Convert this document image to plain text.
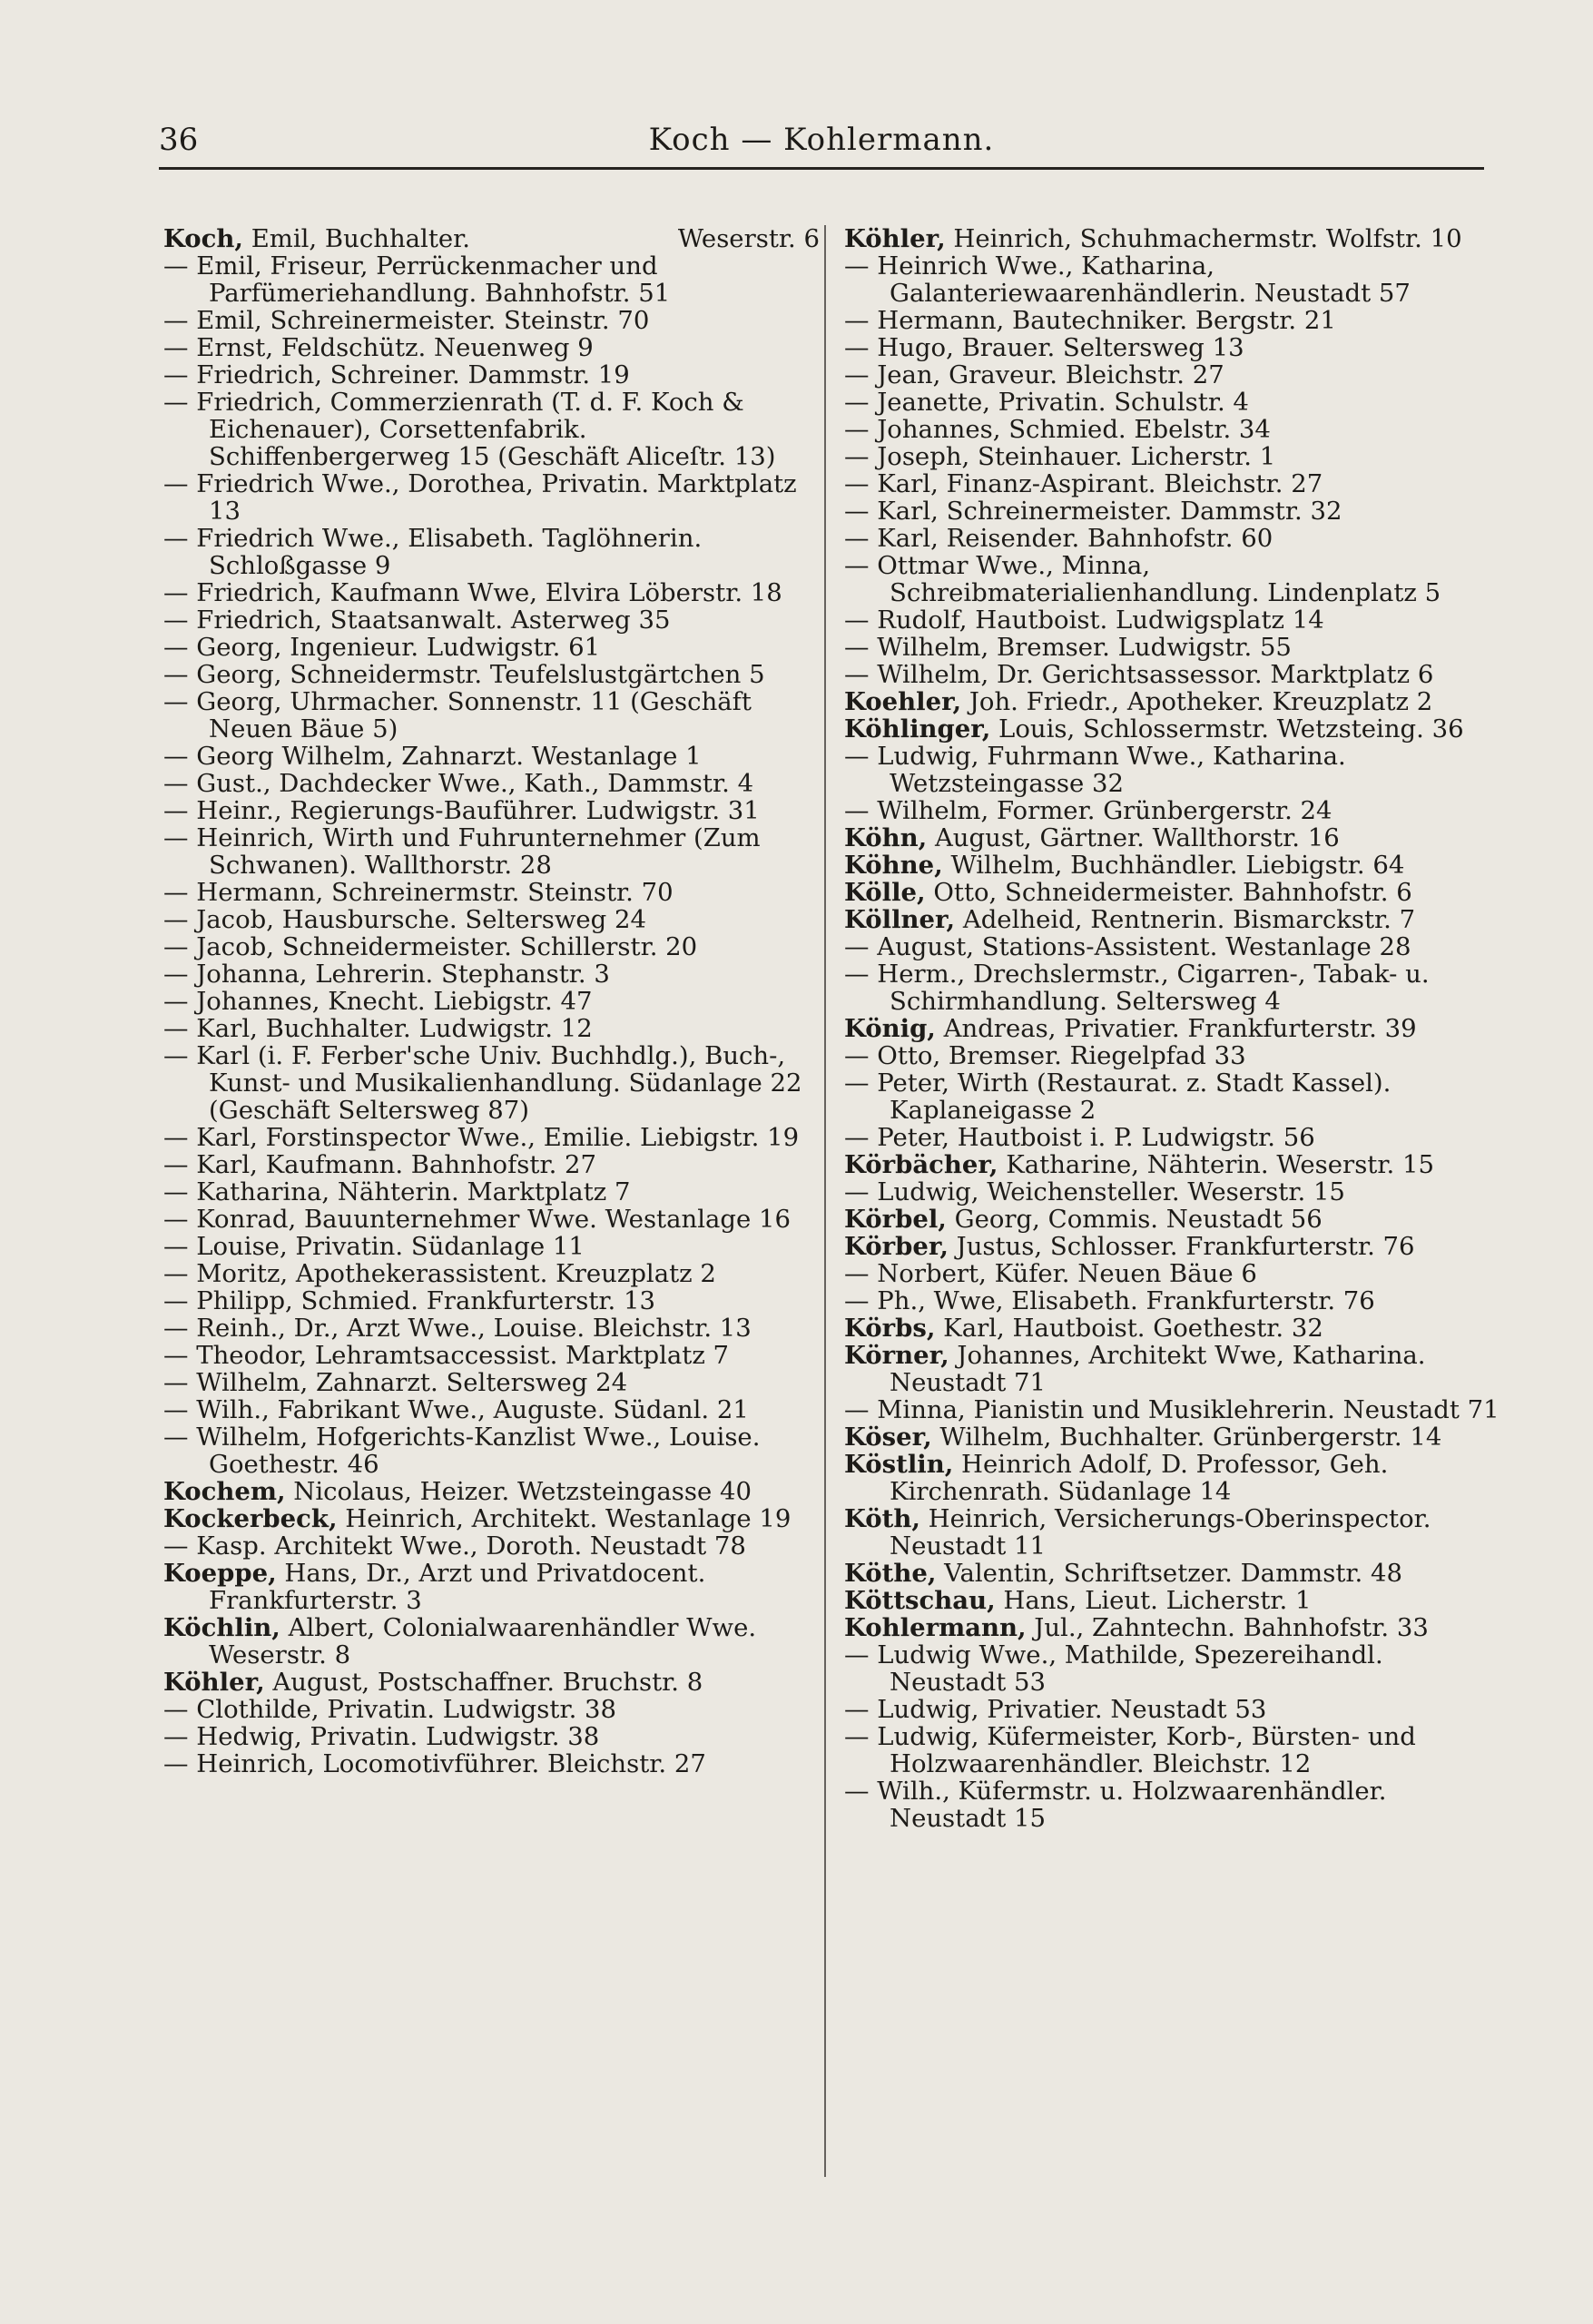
36	Koch — Kohlermann.

Weserstr. 6
Koch, Emil, Buchhalter.

— Emil, Friseur, Perrückenmacher und Parfümeriehandlung. Bahnhofstr. 51

— Emil, Schreinermeister. Steinstr. 70

— Ernst, Feldschütz. Neuenweg 9

— Friedrich, Schreiner. Dammstr. 19

— Friedrich, Commerzienrath (T. d. F. Koch & Eichenauer), Corsettenfabrik. Schiffenbergerweg 15 (Geschäft Aliceſtr. 13)

— Friedrich Wwe., Dorothea, Privatin. Marktplatz 13

— Friedrich Wwe., Elisabeth. Taglöhnerin. Schloßgasse 9

— Friedrich, Kaufmann Wwe, Elvira Löberstr. 18

— Friedrich, Staatsanwalt. Asterweg 35

— Georg, Ingenieur. Ludwigstr. 61

— Georg, Schneidermstr. Teufelslustgärtchen 5

— Georg, Uhrmacher. Sonnenstr. 11 (Geschäft Neuen Bäue 5)

— Georg Wilhelm, Zahnarzt. Westanlage 1

— Gust., Dachdecker Wwe., Kath., Dammstr. 4

— Heinr., Regierungs-Bauführer. Ludwigstr. 31

— Heinrich, Wirth und Fuhrunternehmer (Zum Schwanen). Wallthorstr. 28

— Hermann, Schreinermstr. Steinstr. 70

— Jacob, Hausbursche. Seltersweg 24

— Jacob, Schneidermeister. Schillerstr. 20

— Johanna, Lehrerin. Stephanstr. 3

— Johannes, Knecht. Liebigstr. 47

— Karl, Buchhalter. Ludwigstr. 12

— Karl (i. F. Ferber'sche Univ. Buchhdlg.), Buch-, Kunst- und Musikalienhandlung. Südanlage 22 (Geschäft Seltersweg 87)

— Karl, Forstinspector Wwe., Emilie. Liebigstr. 19

— Karl, Kaufmann. Bahnhofstr. 27

— Katharina, Nähterin. Marktplatz 7

— Konrad, Bauunternehmer Wwe. Westanlage 16

— Louise, Privatin. Südanlage 11

— Moritz, Apothekerassistent. Kreuzplatz 2

— Philipp, Schmied. Frankfurterstr. 13

— Reinh., Dr., Arzt Wwe., Louise. Bleichstr. 13

— Theodor, Lehramtsaccessist. Marktplatz 7

— Wilhelm, Zahnarzt. Seltersweg 24

— Wilh., Fabrikant Wwe., Auguste. Südanl. 21

— Wilhelm, Hofgerichts-Kanzlist Wwe., Louise. Goethestr. 46

Kochem, Nicolaus, Heizer. Wetzsteingasse 40

Kockerbeck, Heinrich, Architekt. Westanlage 19

— Kasp. Architekt Wwe., Doroth. Neustadt 78

Koeppe, Hans, Dr., Arzt und Privatdocent. Frankfurterstr. 3

Köchlin, Albert, Colonialwaarenhändler Wwe. Weserstr. 8

Köhler, August, Postschaffner. Bruchstr. 8

— Clothilde, Privatin. Ludwigstr. 38

— Hedwig, Privatin. Ludwigstr. 38

— Heinrich, Locomotivführer. Bleichstr. 27

Köhler, Heinrich, Schuhmachermstr. Wolfstr. 10

— Heinrich Wwe., Katharina, Galanteriewaarenhändlerin. Neustadt 57

— Hermann, Bautechniker. Bergstr. 21

— Hugo, Brauer. Seltersweg 13

— Jean, Graveur. Bleichstr. 27

— Jeanette, Privatin. Schulstr. 4

— Johannes, Schmied. Ebelstr. 34

— Joseph, Steinhauer. Licherstr. 1

— Karl, Finanz-Aspirant. Bleichstr. 27

— Karl, Schreinermeister. Dammstr. 32

— Karl, Reisender. Bahnhofstr. 60

— Ottmar Wwe., Minna, Schreibmaterialienhandlung. Lindenplatz 5

— Rudolf, Hautboist. Ludwigsplatz 14

— Wilhelm, Bremser. Ludwigstr. 55

— Wilhelm, Dr. Gerichtsassessor. Marktplatz 6

Koehler, Joh. Friedr., Apotheker. Kreuzplatz 2

Köhlinger, Louis, Schlossermstr. Wetzsteing. 36

— Ludwig, Fuhrmann Wwe., Katharina. Wetzsteingasse 32

— Wilhelm, Former. Grünbergerstr. 24

Köhn, August, Gärtner. Wallthorstr. 16

Köhne, Wilhelm, Buchhändler. Liebigstr. 64

Kölle, Otto, Schneidermeister. Bahnhofstr. 6

Köllner, Adelheid, Rentnerin. Bismarckstr. 7

— August, Stations-Assistent. Westanlage 28

— Herm., Drechslermstr., Cigarren-, Tabak- u. Schirmhandlung. Seltersweg 4

König, Andreas, Privatier. Frankfurterstr. 39

— Otto, Bremser. Riegelpfad 33

— Peter, Wirth (Restaurat. z. Stadt Kassel). Kaplaneigasse 2

— Peter, Hautboist i. P. Ludwigstr. 56

Körbächer, Katharine, Nähterin. Weserstr. 15

— Ludwig, Weichensteller. Weserstr. 15

Körbel, Georg, Commis. Neustadt 56

Körber, Justus, Schlosser. Frankfurterstr. 76

— Norbert, Küfer. Neuen Bäue 6

— Ph., Wwe, Elisabeth. Frankfurterstr. 76

Körbs, Karl, Hautboist. Goethestr. 32

Körner, Johannes, Architekt Wwe, Katharina. Neustadt 71

— Minna, Pianistin und Musiklehrerin. Neustadt 71

Köser, Wilhelm, Buchhalter. Grünbergerstr. 14

Köstlin, Heinrich Adolf, D. Professor, Geh. Kirchenrath. Südanlage 14

Köth, Heinrich, Versicherungs-Oberinspector. Neustadt 11

Köthe, Valentin, Schriftsetzer. Dammstr. 48

Köttschau, Hans, Lieut. Licherstr. 1

Kohlermann, Jul., Zahntechn. Bahnhofstr. 33

— Ludwig Wwe., Mathilde, Spezereihandl. Neustadt 53

— Ludwig, Privatier. Neustadt 53

— Ludwig, Küfermeister, Korb-, Bürsten- und Holzwaarenhändler. Bleichstr. 12

— Wilh., Küfermstr. u. Holzwaarenhändler. Neustadt 15
